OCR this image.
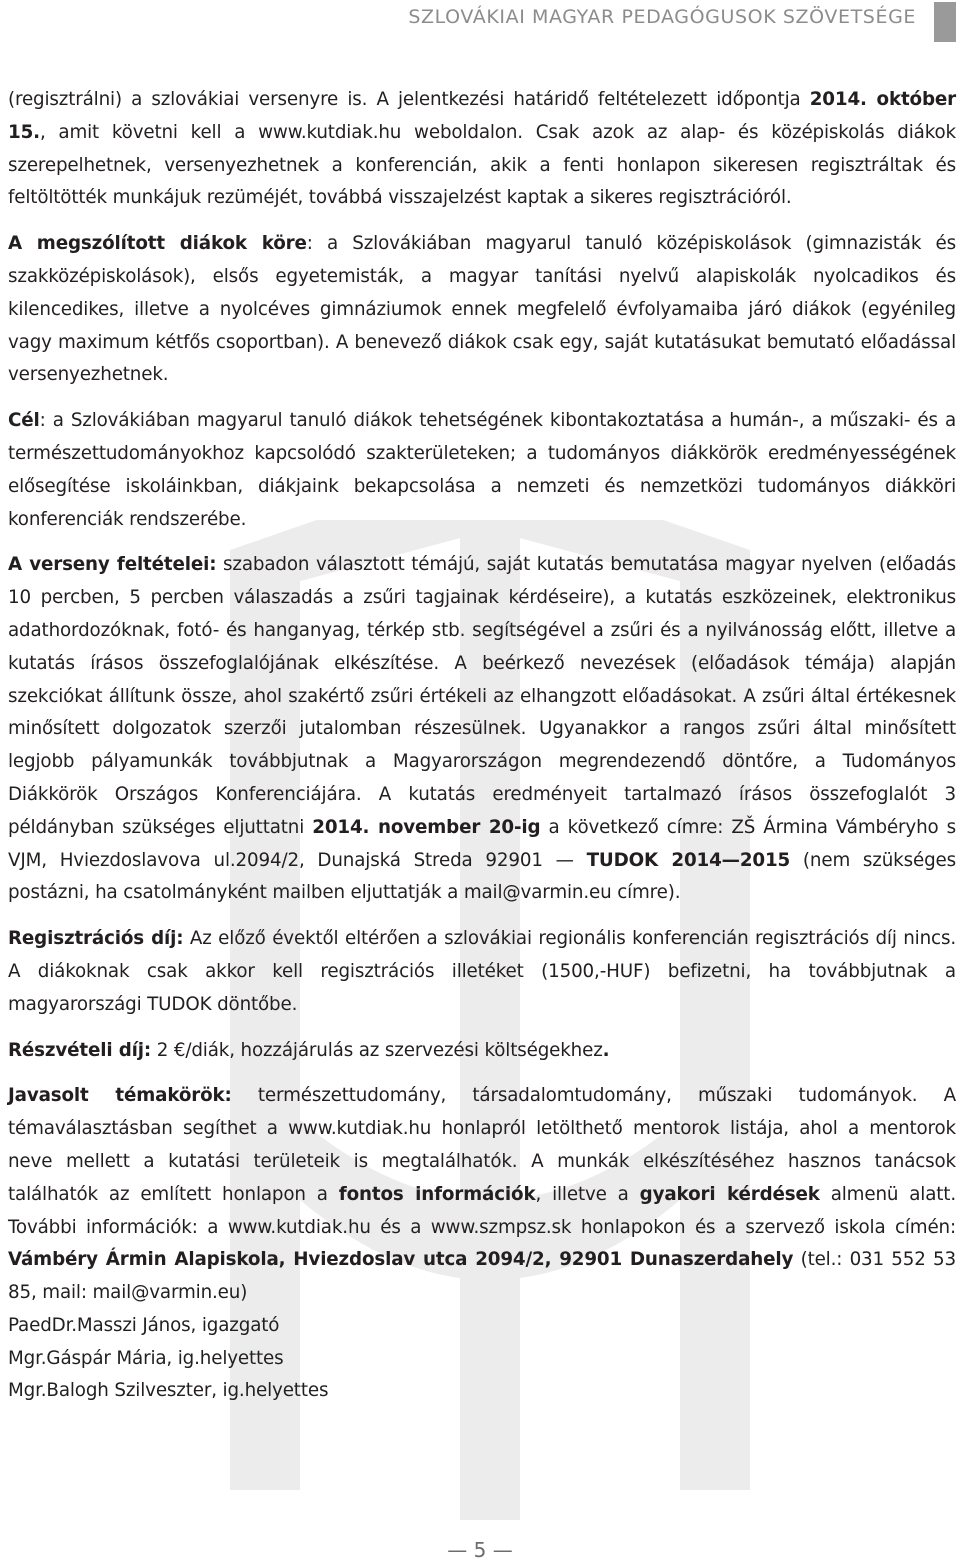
SZLOVÁKIAI MAGYAR PEDAGÓGUSOK SZÖVETSÉGE

(regisztrálni) a szlovákiai versenyre is. A jelentkezési határidő feltételezett időpontja 2014. október 15., amit követni kell a www.kutdiak.hu weboldalon. Csak azok az alap- és középiskolás diákok szerepelhetnek, versenyezhetnek a konferencián, akik a fenti honlapon sikeresen regisztráltak és feltöltötték munkájuk rezüméjét, továbbá visszajelzést kaptak a sikeres regisztrációról.

A megszólított diákok köre: a Szlovákiában magyarul tanuló középiskolások (gimnazisták és szakközépiskolások), elsős egyetemisták, a magyar tanítási nyelvű alapiskolák nyolcadikos és kilencedikes, illetve a nyolcéves gimnáziumok ennek megfelelő évfolyamaiba járó diákok (egyénileg vagy maximum kétfős csoportban). A benevező diákok csak egy, saját kutatásukat bemutató előadással versenyezhetnek.

Cél: a Szlovákiában magyarul tanuló diákok tehetségének kibontakoztatása a humán-, a műszaki- és a természettudományokhoz kapcsolódó szakterületeken; a tudományos diákkörök eredményességének elősegítése iskoláinkban, diákjaink bekapcsolása a nemzeti és nemzetközi tudományos diákköri konferenciák rendszerébe.

A verseny feltételei: szabadon választott témájú, saját kutatás bemutatása magyar nyelven (előadás 10 percben, 5 percben válaszadás a zsűri tagjainak kérdéseire), a kutatás eszközeinek, elektronikus adathordozóknak, fotó- és hanganyag, térkép stb. segítségével a zsűri és a nyilvánosság előtt, illetve a kutatás írásos összefoglalójának elkészítése. A beérkező nevezések (előadások témája) alapján szekciókat állítunk össze, ahol szakértő zsűri értékeli az elhangzott előadásokat. A zsűri által értékesnek minősített dolgozatok szerzői jutalomban részesülnek. Ugyanakkor a rangos zsűri által minősített legjobb pályamunkák továbbjutnak a Magyarországon megrendezendő döntőre, a Tudományos Diákkörök Országos Konferenciájára. A kutatás eredményeit tartalmazó írásos összefoglalót 3 példányban szükséges eljuttatni 2014. november 20-ig a következő címre: ZŠ Ármina Vámbéryho s VJM, Hviezdoslavova ul.2094/2, Dunajská Streda 92901 — TUDOK 2014—2015 (nem szükséges postázni, ha csatolmányként mailben eljuttatják a mail@varmin.eu címre).

Regisztrációs díj: Az előző évektől eltérően a szlovákiai regionális konferencián regisztrációs díj nincs. A diákoknak csak akkor kell regisztrációs illetéket (1500,-HUF) befizetni, ha továbbjutnak a magyarországi TUDOK döntőbe.

Részvételi díj: 2 €/diák, hozzájárulás az szervezési költségekhez.

Javasolt témakörök: természettudomány, társadalomtudomány, műszaki tudományok. A témaválasztásban segíthet a www.kutdiak.hu honlapról letölthető mentorok listája, ahol a mentorok neve mellett a kutatási területeik is megtalálhatók. A munkák elkészítéséhez hasznos tanácsok találhatók az említett honlapon a fontos információk, illetve a gyakori kérdések almenü alatt. További információk: a www.kutdiak.hu és a www.szmpsz.sk honlapokon és a szervező iskola címén: Vámbéry Ármin Alapiskola, Hviezdoslav utca 2094/2, 92901 Dunaszerdahely (tel.: 031 552 53 85, mail: mail@varmin.eu)

PaedDr.Masszi János, igazgató

Mgr.Gáspár Mária, ig.helyettes

Mgr.Balogh Szilveszter, ig.helyettes

— 5 —
